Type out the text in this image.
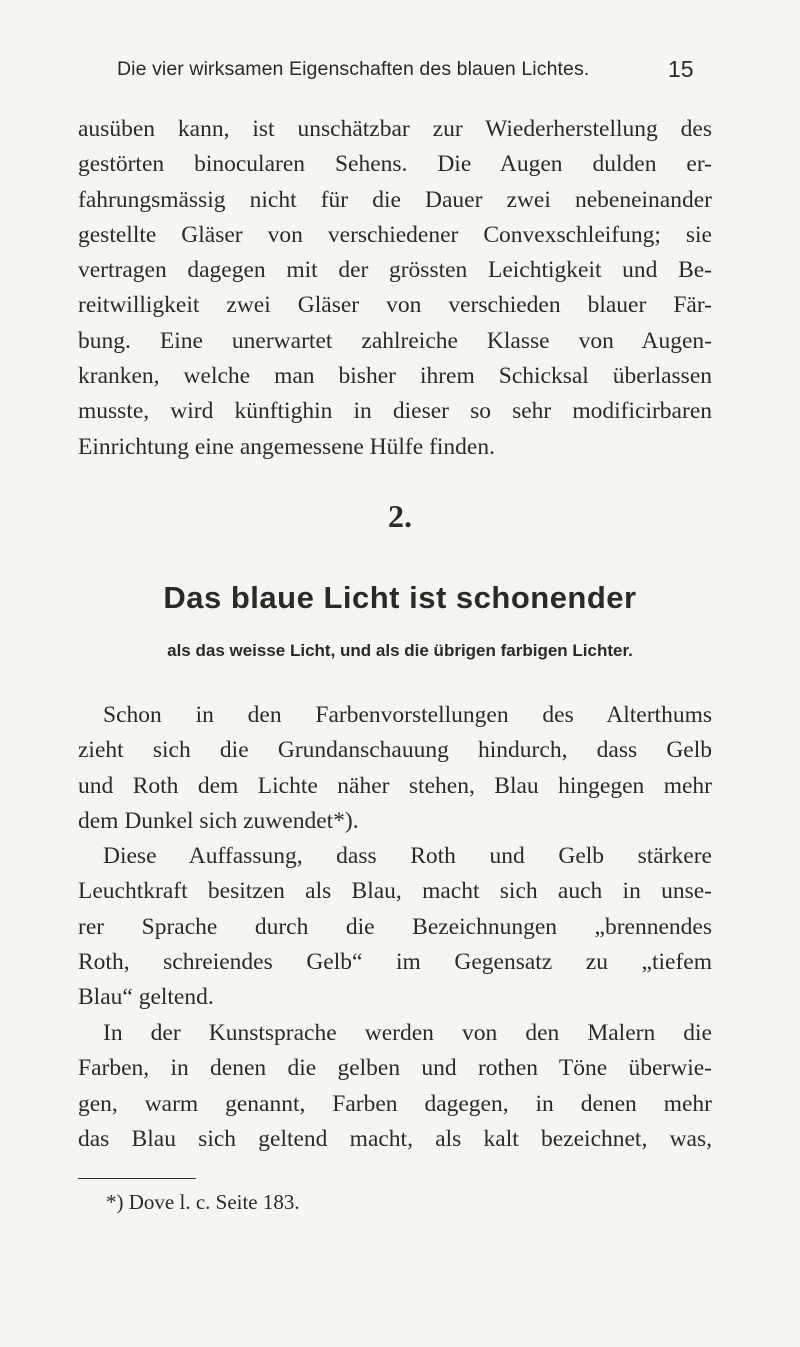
Die vier wirksamen Eigenschaften des blauen Lichtes.	15
ausüben kann, ist unschätzbar zur Wiederherstellung des
gestörten binocularen Sehens. Die Augen dulden er-
fahrungsmässig nicht für die Dauer zwei nebeneinander
gestellte Gläser von verschiedener Convexschleifung; sie
vertragen dagegen mit der grössten Leichtigkeit und Be-
reitwilligkeit zwei Gläser von verschieden blauer Fär-
bung. Eine unerwartet zahlreiche Klasse von Augen-
kranken, welche man bisher ihrem Schicksal überlassen
musste, wird künftighin in dieser so sehr modificirbaren
Einrichtung eine angemessene Hülfe finden.
2.
Das blaue Licht ist schonender
als das weisse Licht, und als die übrigen farbigen Lichter.
Schon in den Farbenvorstellungen des Alterthums
zieht sich die Grundanschauung hindurch, dass Gelb
und Roth dem Lichte näher stehen, Blau hingegen mehr
dem Dunkel sich zuwendet*).
Diese Auffassung, dass Roth und Gelb stärkere
Leuchtkraft besitzen als Blau, macht sich auch in unse-
rer Sprache durch die Bezeichnungen „brennendes
Roth, schreiendes Gelb“ im Gegensatz zu „tiefem
Blau“ geltend.
In der Kunstsprache werden von den Malern die
Farben, in denen die gelben und rothen Töne überwie-
gen, warm genannt, Farben dagegen, in denen mehr
das Blau sich geltend macht, als kalt bezeichnet, was,
*) Dove l. c. Seite 183.
